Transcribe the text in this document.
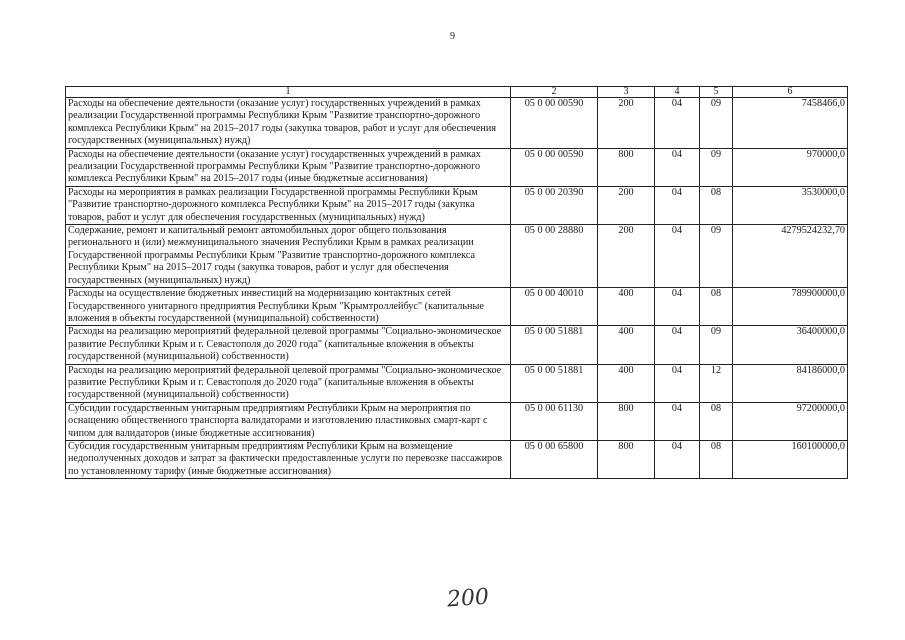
9
1	2	3	4	5	6
Расходы на обеспечение деятельности (оказание услуг) государственных учреждений в рамках реализации Государственной программы Республики Крым "Развитие транспортно-дорожного комплекса Республики Крым" на 2015–2017 годы (закупка товаров, работ и услуг для обеспечения государственных (муниципальных) нужд)	05 0 00 00590	200	04	09	7458466,0
Расходы на обеспечение деятельности (оказание услуг) государственных учреждений в рамках реализации Государственной программы Республики Крым "Развитие транспортно-дорожного комплекса Республики Крым" на 2015–2017 годы (иные бюджетные ассигнования)	05 0 00 00590	800	04	09	970000,0
Расходы на мероприятия в рамках реализации Государственной программы Республики Крым "Развитие транспортно-дорожного комплекса Республики Крым" на 2015–2017 годы (закупка товаров, работ и услуг для обеспечения государственных (муниципальных) нужд)	05 0 00 20390	200	04	08	3530000,0
Содержание, ремонт и капитальный ремонт автомобильных дорог общего пользования регионального и (или) межмуниципального значения Республики Крым в рамках реализации Государственной программы Республики Крым "Развитие транспортно-дорожного комплекса Республики Крым" на 2015–2017 годы (закупка товаров, работ и услуг для обеспечения государственных (муниципальных) нужд)	05 0 00 28880	200	04	09	4279524232,70
Расходы на осуществление бюджетных инвестиций на модернизацию контактных сетей Государственного унитарного предприятия Республики Крым "Крымтроллейбус" (капитальные вложения в объекты государственной (муниципальной) собственности)	05 0 00 40010	400	04	08	789900000,0
Расходы на реализацию мероприятий федеральной целевой программы "Социально-экономическое развитие Республики Крым и г. Севастополя до 2020 года" (капитальные вложения в объекты государственной (муниципальной) собственности)	05 0 00 51881	400	04	09	36400000,0
Расходы на реализацию мероприятий федеральной целевой программы "Социально-экономическое развитие Республики Крым и г. Севастополя до 2020 года" (капитальные вложения в объекты государственной (муниципальной) собственности)	05 0 00 51881	400	04	12	84186000,0
Субсидии государственным унитарным предприятиям Республики Крым на мероприятия по оснащению общественного транспорта валидаторами и изготовлению пластиковых смарт-карт с чипом для валидаторов (иные бюджетные ассигнования)	05 0 00 61130	800	04	08	97200000,0
Субсидия государственным унитарным предприятиям Республики Крым на возмещение недополученных доходов и затрат за фактически предоставленные услуги по перевозке пассажиров по установленному тарифу (иные бюджетные ассигнования)	05 0 00 65800	800	04	08	160100000,0
200
